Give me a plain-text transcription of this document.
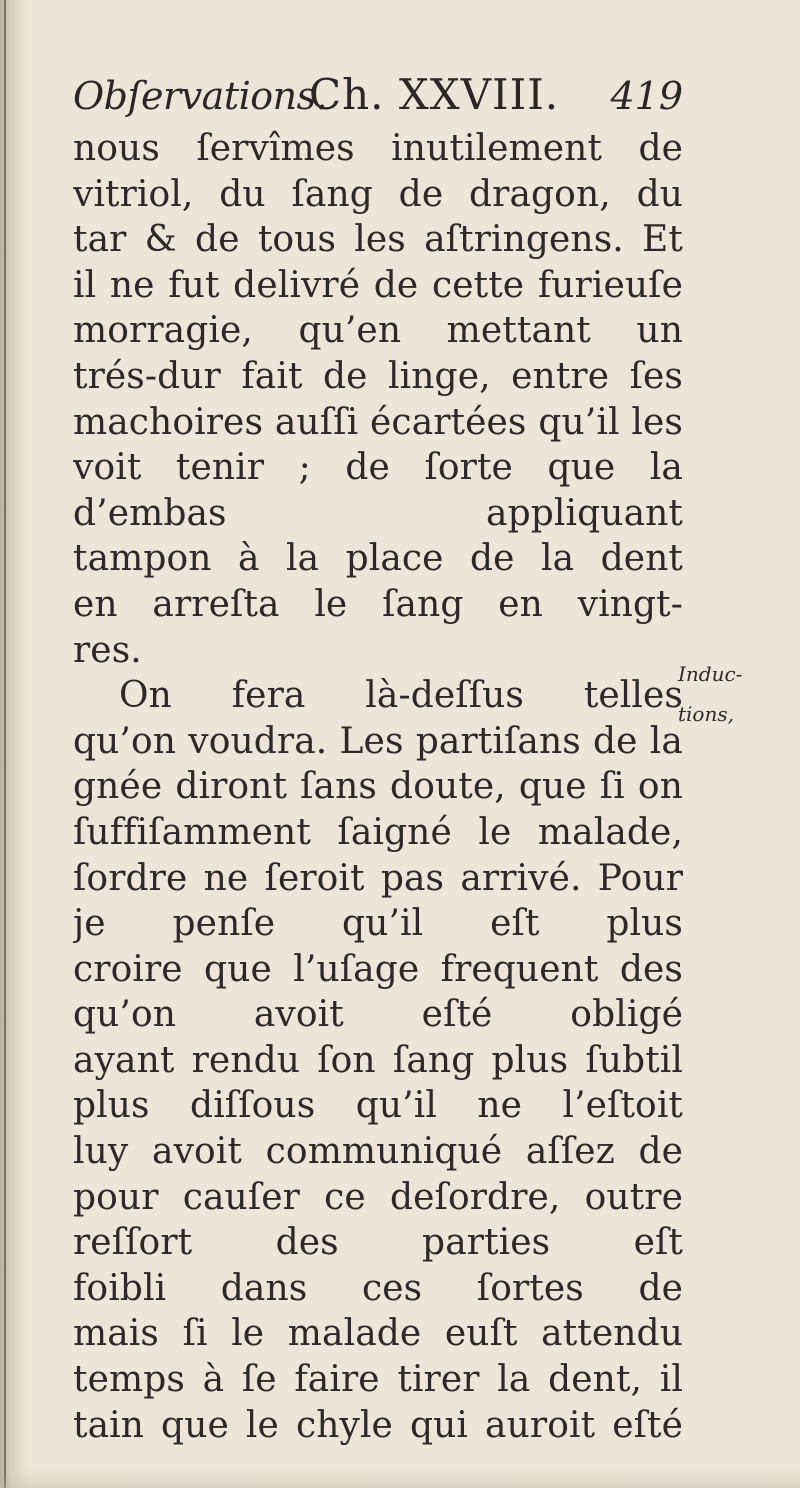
Obſervations.
Ch. XXVIII. 419
nous ſervîmes inutilement de
vitriol, du ſang de dragon, du
tar & de tous les aſtringens. Et
il ne fut delivré de cette furieuſe
morragie, qu’en mettant un
trés-dur fait de linge, entre ſes
machoires auſſi écartées qu’il les
voit tenir ; de ſorte que la
d’embas appliquant
tampon à la place de la dent
en arreſta le ſang en vingt-
res.
On fera là-deſſus telles
qu’on voudra. Les partiſans de la
gnée diront ſans doute, que ſi on
ſuffiſamment ſaigné le malade,
ſordre ne ſeroit pas arrivé. Pour
je penſe qu’il eſt plus
croire que l’uſage frequent des
qu’on avoit eſté obligé
ayant rendu ſon ſang plus ſubtil
plus diſſous qu’il ne l’eſtoit
luy avoit communiqué aſſez de
pour cauſer ce deſordre, outre
reſſort des parties eſt
foibli dans ces ſortes de
mais ſi le malade euſt attendu
temps à ſe faire tirer la dent, il
tain que le chyle qui auroit eſté
Induc-
tions,
